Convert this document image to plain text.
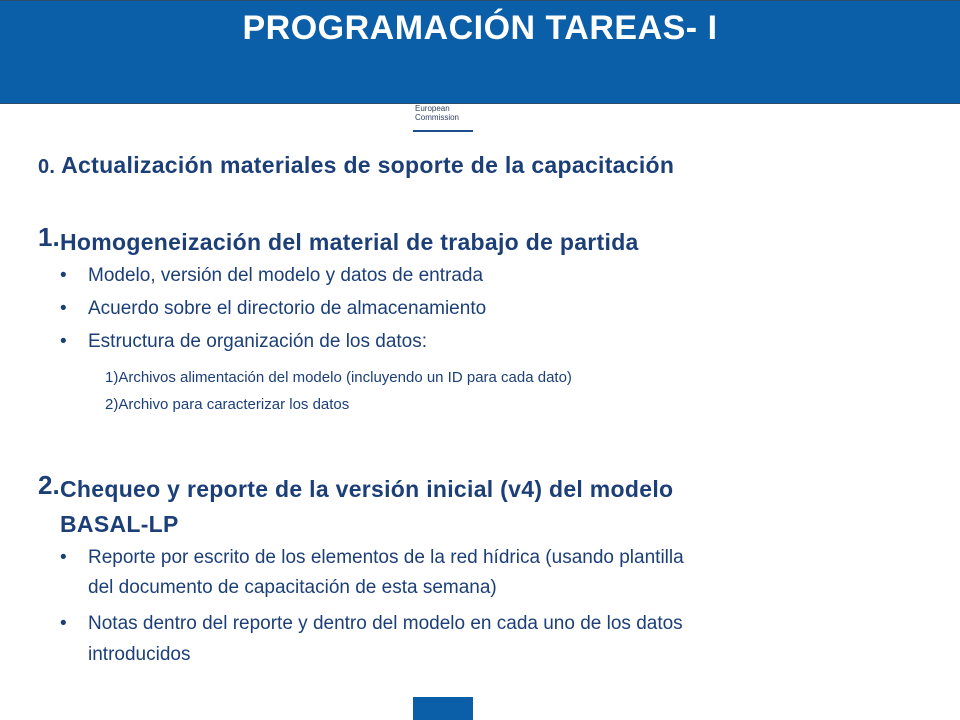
PROGRAMACIÓN TAREAS- I
European
Commission
0. Actualización materiales de soporte de la capacitación
1. Homogeneización del material de trabajo de partida
• Modelo, versión del modelo y datos de entrada
• Acuerdo sobre el directorio de almacenamiento
• Estructura de organización de los datos:
1)Archivos alimentación del modelo (incluyendo un ID para cada dato)
2)Archivo para caracterizar los datos
2. Chequeo y reporte de la versión inicial (v4) del modelo
BASAL-LP
• Reporte por escrito de los elementos de la red hídrica (usando plantilla
del documento de capacitación de esta semana)
• Notas dentro del reporte y dentro del modelo en cada uno de los datos
introducidos
